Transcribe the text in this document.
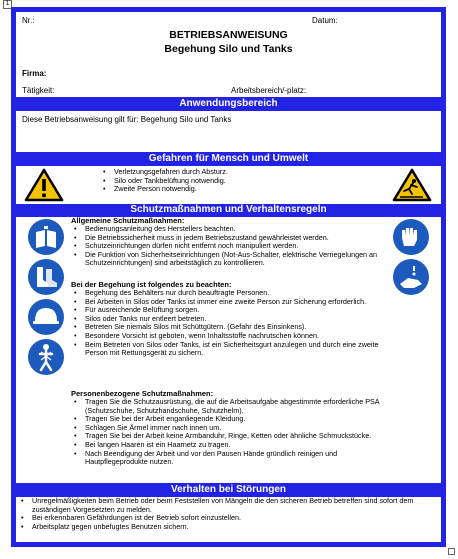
1
Nr.:	Datum:
BETRIEBSANWEISUNG
Begehung Silo und Tanks
Firma:
Tätigkeit:	Arbeitsbereich/-platz:
Anwendungsbereich
Diese Betriebsanweisung gilt für: Begehung Silo und Tanks
Gefahren für Mensch und Umwelt
• Verletzungsgefahren durch Absturz.
• Silo oder Tankbelüftung notwendig.
• Zweite Person notwendig.
Schutzmaßnahmen und Verhaltensregeln
Allgemeine Schutzmaßnahmen:
• Bedienungsanleitung des Herstellers beachten.
• Die Betriebssicherheit muss in jedem Betriebszustand gewährleistet werden.
• Schutzeinrichtungen dürfen nicht entfernt noch manipuliert werden.
• Die Funktion von Sicherheitseinrichtungen (Not-Aus-Schalter, elektrische Verriegelungen an Schutzeinrichtungen) sind arbeitstäglich zu kontrollieren.
Bei der Begehung ist folgendes zu beachten:
• Begehung des Behälters nur durch beauftragte Personen.
• Bei Arbeiten in Silos oder Tanks ist immer eine zweite Person zur Sicherung erforderlich.
• Für ausreichende Belüftung sorgen.
• Silos oder Tanks nur entleert betreten.
• Betreten Sie niemals Silos mit Schüttgütern. (Gefahr des Einsinkens).
• Besondere Vorsicht ist geboten, wenn Inhaltsstoffe nachrutschen können.
• Beim Betreten von Silos oder Tanks, ist ein Sicherheitsgurt anzulegen und durch eine zweite Person mit Rettungsgerät zu sichern.
Personenbezogene Schutzmaßnahmen:
• Tragen Sie die Schutzausrüstung, die auf die Arbeitsaufgabe abgestimmte erforderliche PSA (Schutzschuhe, Schutzhandschuhe, Schutzhelm).
• Tragen Sie bei der Arbeit enganliegende Kleidung.
• Schlagen Sie Ärmel immer nach innen um.
• Tragen Sie bei der Arbeit keine Armbanduhr, Ringe, Ketten oder ähnliche Schmuckstücke.
• Bei langen Haaren ist ein Haarnetz zu tragen.
• Nach Beendigung der Arbeit und vor den Pausen Hände gründlich reinigen und Hautpflegeprodukte nutzen.
Verhalten bei Störungen
• Unregelmäßigkeiten beim Betrieb oder beim Feststellen von Mängeln die den sicheren Betrieb betreffen sind sofort dem zuständigen Vorgesetzten zu melden.
• Bei erkennbaren Gefährdungen ist der Betrieb sofort einzustellen.
• Arbeitsplatz gegen unbefugtes Benutzen sichern.
